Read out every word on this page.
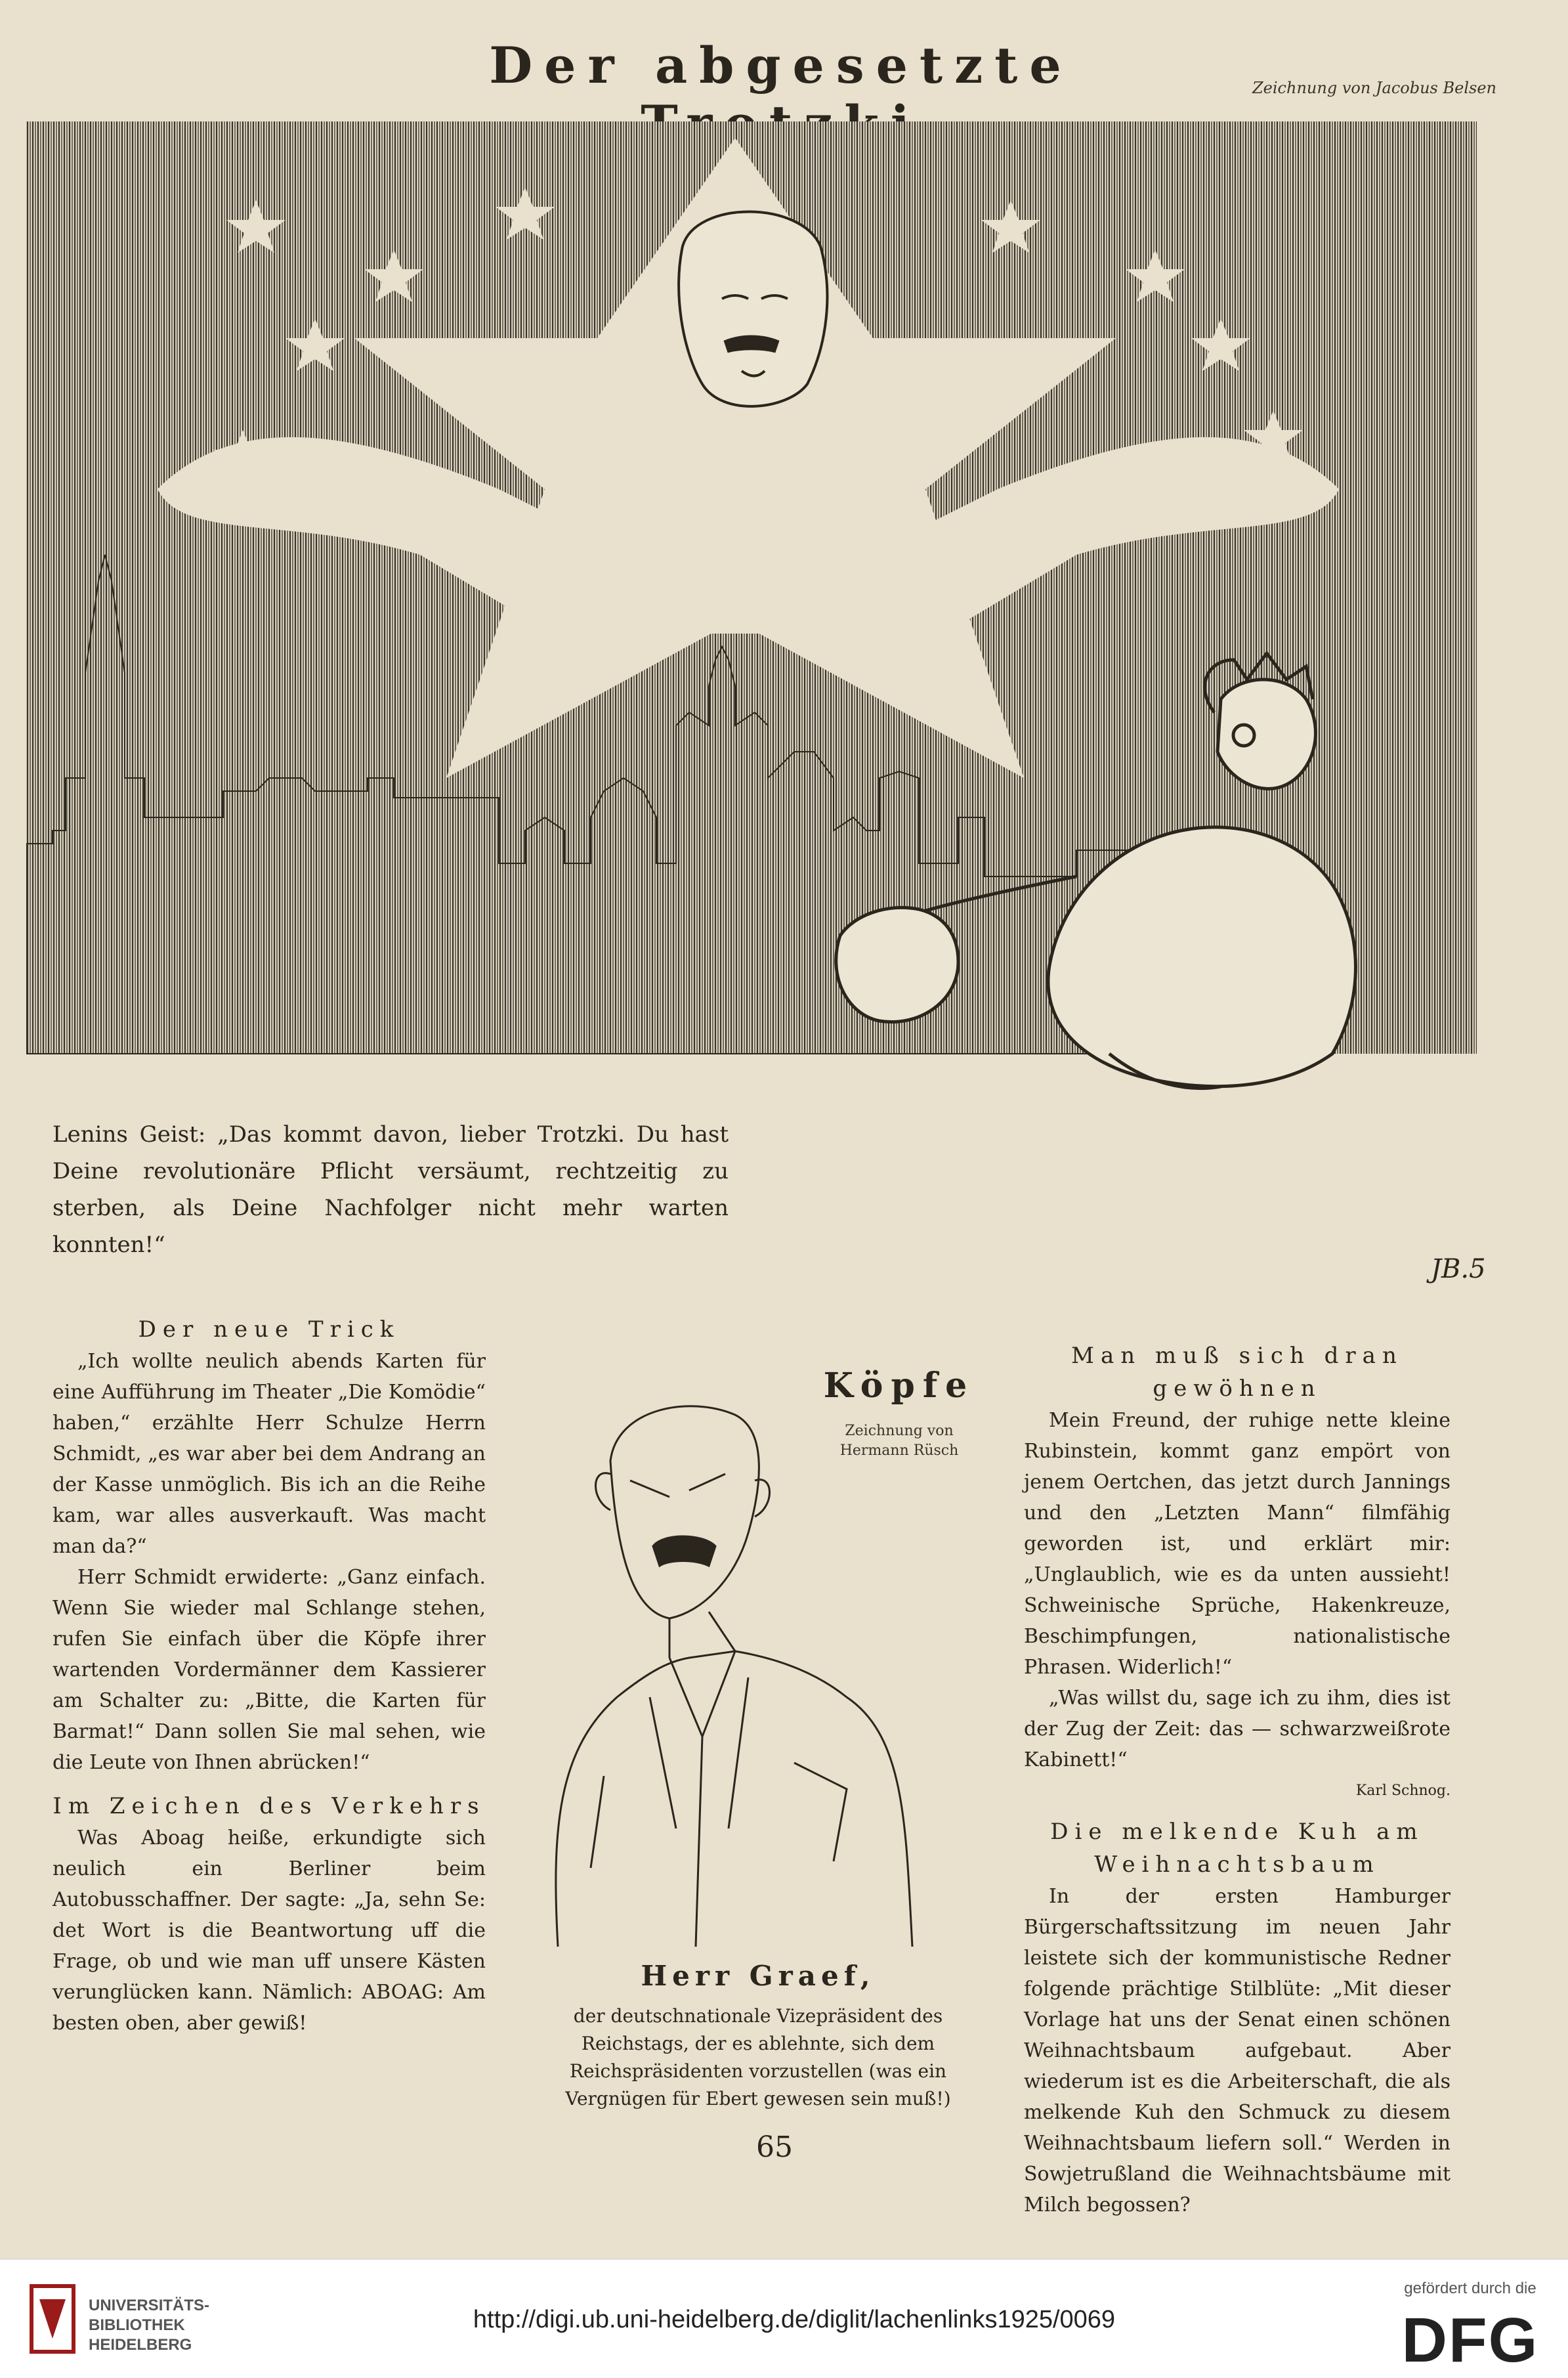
Der abgesetzte	Zeichnung von Jacobus Belsen
Lenins Geist: „Das kommt davon, lieber Trotzki. Du hast Deine revolutionäre Pflicht versäumt, rechtzeitig zu sterben, als Deine Nachfolger nicht mehr warten konnten!“
JB.5
Der neue Trick

„Ich wollte neulich abends Karten für eine Aufführung im Theater „Die Komödie“ haben,“ erzählte Herr Schulze Herrn Schmidt, „es war aber bei dem Andrang an der Kasse unmöglich. Bis ich an die Reihe kam, war alles ausverkauft. Was macht man da?“

Herr Schmidt erwiderte: „Ganz einfach. Wenn Sie wieder mal Schlange stehen, rufen Sie einfach über die Köpfe ihrer wartenden Vordermänner dem Kassierer am Schalter zu: „Bitte, die Karten für Barmat!“ Dann sollen Sie mal sehen, wie die Leute von Ihnen abrücken!“

Im Zeichen des Verkehrs

Was Aboag heiße, erkundigte sich neulich ein Berliner beim Autobusschaffner. Der sagte: „Ja, sehn Se: det Wort is die Beantwortung uff die Frage, ob und wie man uff unsere Kästen verunglücken kann. Nämlich: ABOAG: Am besten oben, aber gewiß!

Köpfe
Zeichnung von Hermann Rüsch
Herr Graef,
der deutschnationale Vizepräsident des Reichstags, der es ablehnte, sich dem Reichspräsidenten vorzustellen (was ein Vergnügen für Ebert gewesen sein muß!)
Man muß sich dran gewöhnen

Mein Freund, der ruhige nette kleine Rubinstein, kommt ganz empört von jenem Oertchen, das jetzt durch Jannings und den „Letzten Mann“ filmfähig geworden ist, und erklärt mir: „Unglaublich, wie es da unten aussieht! Schweinische Sprüche, Hakenkreuze, Beschimpfungen, nationalistische Phrasen. Widerlich!“

„Was willst du, sage ich zu ihm, dies ist der Zug der Zeit: das — schwarzweißrote Kabinett!“

Karl Schnog.
Die melkende Kuh am Weihnachtsbaum

In der ersten Hamburger Bürgerschaftssitzung im neuen Jahr leistete sich der kommunistische Redner folgende prächtige Stilblüte: „Mit dieser Vorlage hat uns der Senat einen schönen Weihnachtsbaum aufgebaut. Aber wiederum ist es die Arbeiterschaft, die als melkende Kuh den Schmuck zu diesem Weihnachtsbaum liefern soll.“ Werden in Sowjetrußland die Weihnachtsbäume mit Milch begossen?

65
UNIVERSITÄTS-BIBLIOTHEK HEIDELBERG
http://digi.ub.uni-heidelberg.de/diglit/lachenlinks1925/0069
gefördert durch die
DFG
